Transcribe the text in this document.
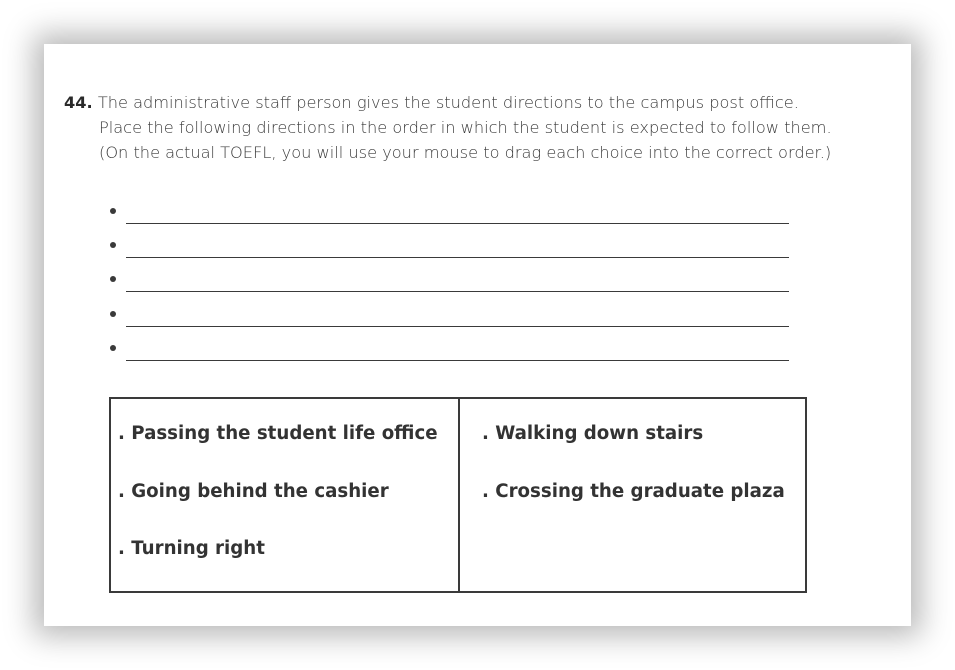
44. The administrative staff person gives the student directions to the campus post office.
Place the following directions in the order in which the student is expected to follow them.
(On the actual TOEFL, you will use your mouse to drag each choice into the correct order.)
. Passing the student life office
. Going behind the cashier
. Turning right
. Walking down stairs
. Crossing the graduate plaza
